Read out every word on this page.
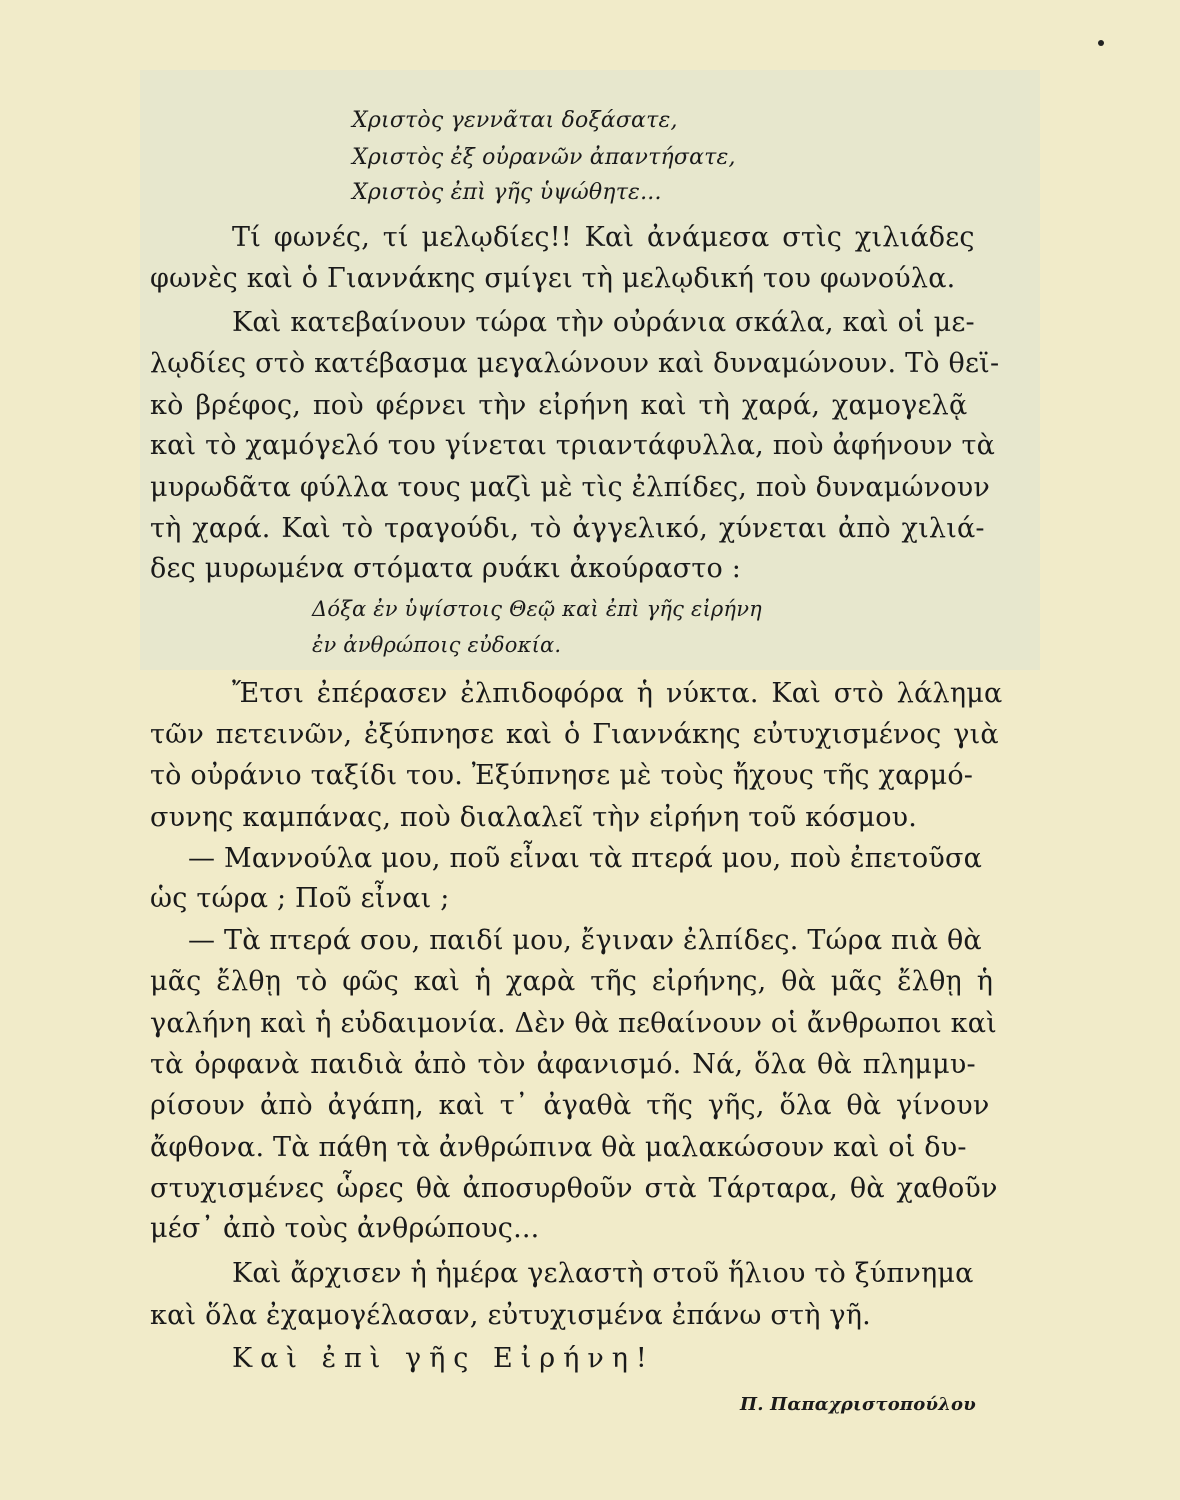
Χριστὸς γεννᾶται δοξάσατε,
Χριστὸς ἐξ οὐρανῶν ἀπαντήσατε,
Χριστὸς ἐπὶ γῆς ὑψώθητε...
Τί φωνές, τί μελῳδίες!! Καὶ ἀνάμεσα στὶς χιλιάδες
φωνὲς καὶ ὁ Γιαννάκης σμίγει τὴ μελῳδική του φωνούλα.
Καὶ κατεβαίνουν τώρα τὴν οὐράνια σκάλα, καὶ οἱ με-
λῳδίες στὸ κατέβασμα μεγαλώνουν καὶ δυναμώνουν. Τὸ θεϊ-
κὸ βρέφος, ποὺ φέρνει τὴν εἰρήνη καὶ τὴ χαρά, χαμογελᾷ
καὶ τὸ χαμόγελό του γίνεται τριαντάφυλλα, ποὺ ἀφήνουν τὰ
μυρωδᾶτα φύλλα τους μαζὶ μὲ τὶς ἐλπίδες, ποὺ δυναμώνουν
τὴ χαρά. Καὶ τὸ τραγούδι, τὸ ἀγγελικό, χύνεται ἀπὸ χιλιά-
δες μυρωμένα στόματα ρυάκι ἀκούραστο :
Δόξα ἐν ὑψίστοις Θεῷ καὶ ἐπὶ γῆς εἰρήνη
ἐν ἀνθρώποις εὐδοκία.
Ἔτσι ἐπέρασεν ἐλπιδοφόρα ἡ νύκτα. Καὶ στὸ λάλημα
τῶν πετεινῶν, ἐξύπνησε καὶ ὁ Γιαννάκης εὐτυχισμένος γιὰ
τὸ οὐράνιο ταξίδι του. Ἐξύπνησε μὲ τοὺς ἤχους τῆς χαρμό-
συνης καμπάνας, ποὺ διαλαλεῖ τὴν εἰρήνη τοῦ κόσμου.
— Μαννούλα μου, ποῦ εἶναι τὰ πτερά μου, ποὺ ἐπετοῦσα
ὡς τώρα ; Ποῦ εἶναι ;
— Τὰ πτερά σου, παιδί μου, ἔγιναν ἐλπίδες. Τώρα πιὰ θὰ
μᾶς ἔλθῃ τὸ φῶς καὶ ἡ χαρὰ τῆς εἰρήνης, θὰ μᾶς ἔλθῃ ἡ
γαλήνη καὶ ἡ εὐδαιμονία. Δὲν θὰ πεθαίνουν οἱ ἄνθρωποι καὶ
τὰ ὀρφανὰ παιδιὰ ἀπὸ τὸν ἀφανισμό. Νά, ὅλα θὰ πλημμυ-
ρίσουν ἀπὸ ἀγάπη, καὶ τ᾿ ἀγαθὰ τῆς γῆς, ὅλα θὰ γίνουν
ἄφθονα. Τὰ πάθη τὰ ἀνθρώπινα θὰ μαλακώσουν καὶ οἱ δυ-
στυχισμένες ὧρες θὰ ἀποσυρθοῦν στὰ Τάρταρα, θὰ χαθοῦν
μέσ᾿ ἀπὸ τοὺς ἀνθρώπους...
Καὶ ἄρχισεν ἡ ἡμέρα γελαστὴ στοῦ ἥλιου τὸ ξύπνημα
καὶ ὅλα ἐχαμογέλασαν, εὐτυχισμένα ἐπάνω στὴ γῆ.
Καὶ ἐπὶ γῆς Εἰρήνη!
Π. Παπαχριστοπούλου
